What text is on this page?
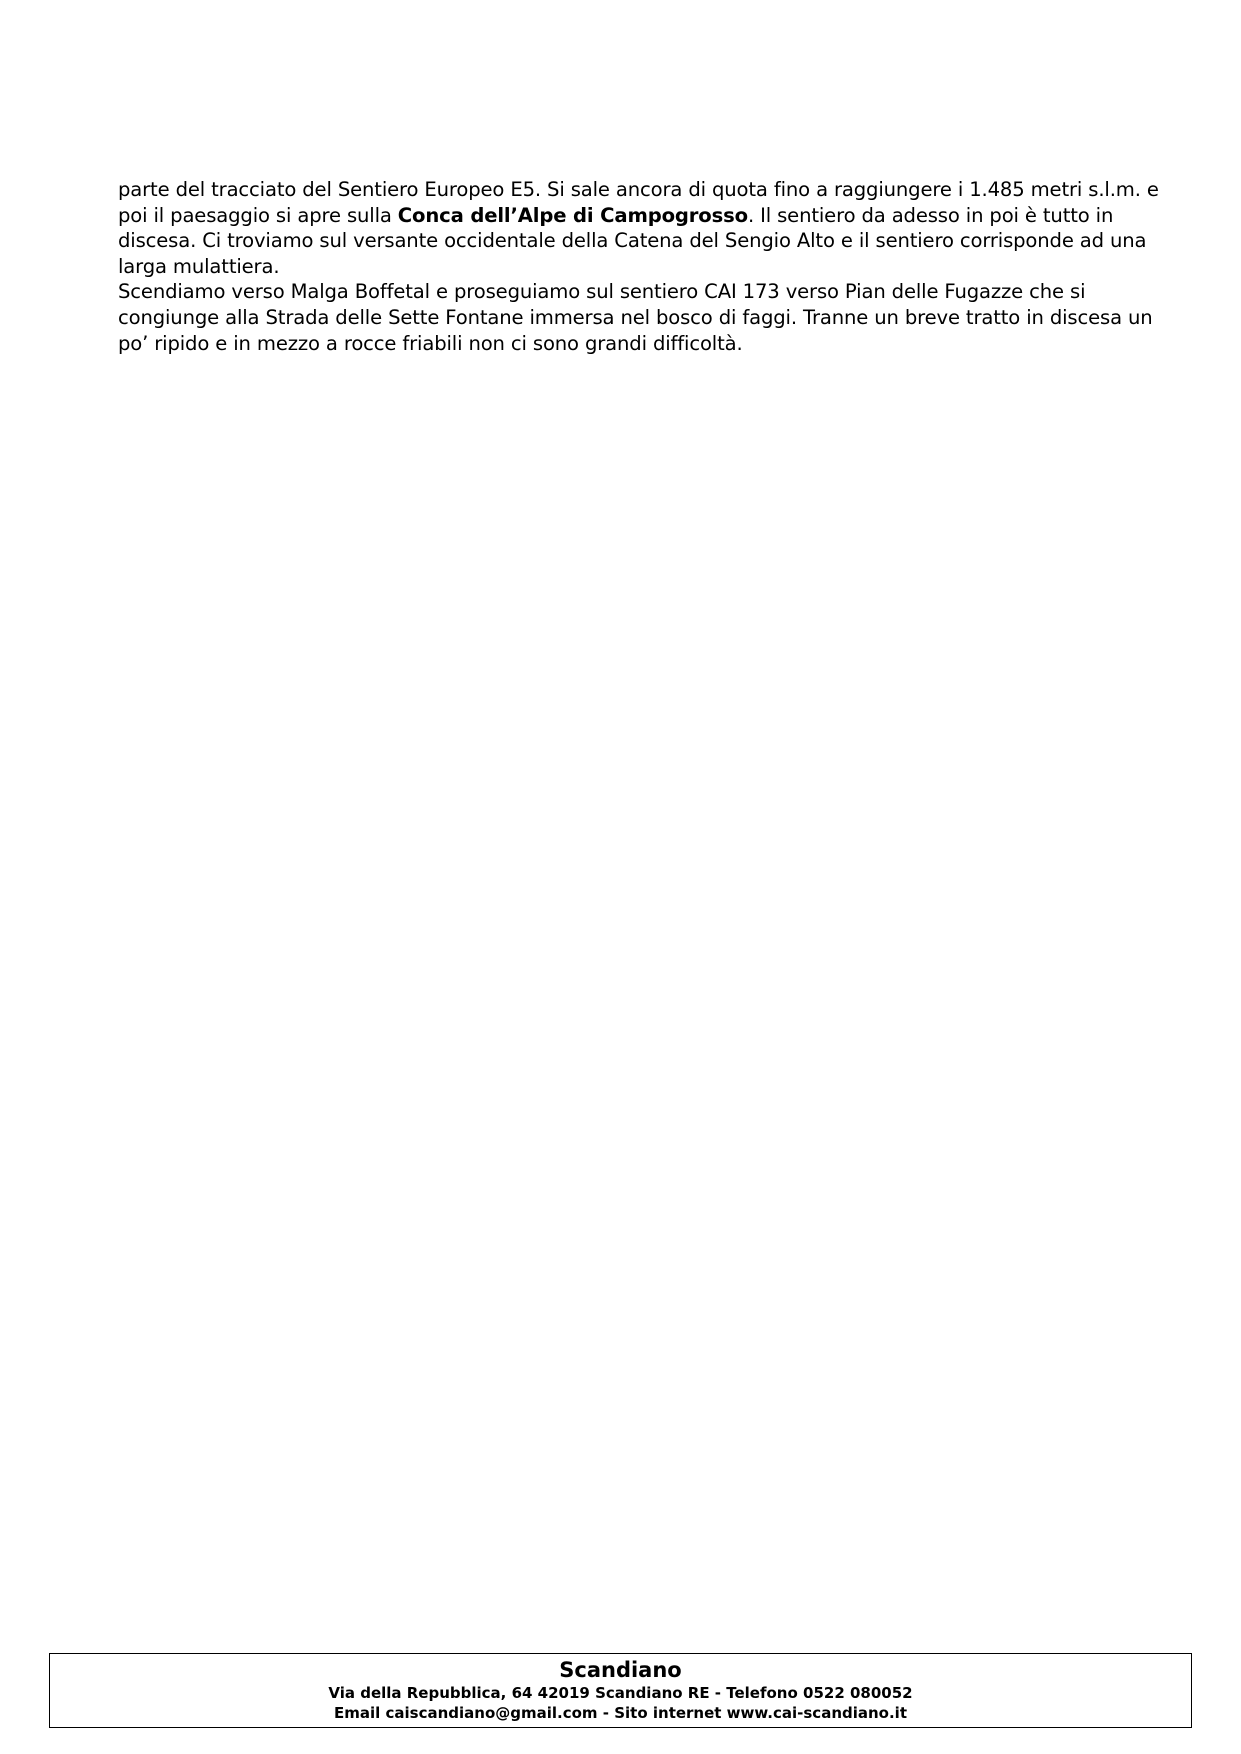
parte del tracciato del Sentiero Europeo E5. Si sale ancora di quota fino a raggiungere i 1.485 metri s.l.m. e
poi il paesaggio si apre sulla Conca dell’Alpe di Campogrosso. Il sentiero da adesso in poi è tutto in
discesa. Ci troviamo sul versante occidentale della Catena del Sengio Alto e il sentiero corrisponde ad una
larga mulattiera.
Scendiamo verso Malga Boffetal e proseguiamo sul sentiero CAI 173 verso Pian delle Fugazze che si
congiunge alla Strada delle Sette Fontane immersa nel bosco di faggi. Tranne un breve tratto in discesa un
po’ ripido e in mezzo a rocce friabili non ci sono grandi difficoltà.
Scandiano
Via della Repubblica, 64 42019 Scandiano RE - Telefono 0522 080052
Email caiscandiano@gmail.com - Sito internet www.cai-scandiano.it
